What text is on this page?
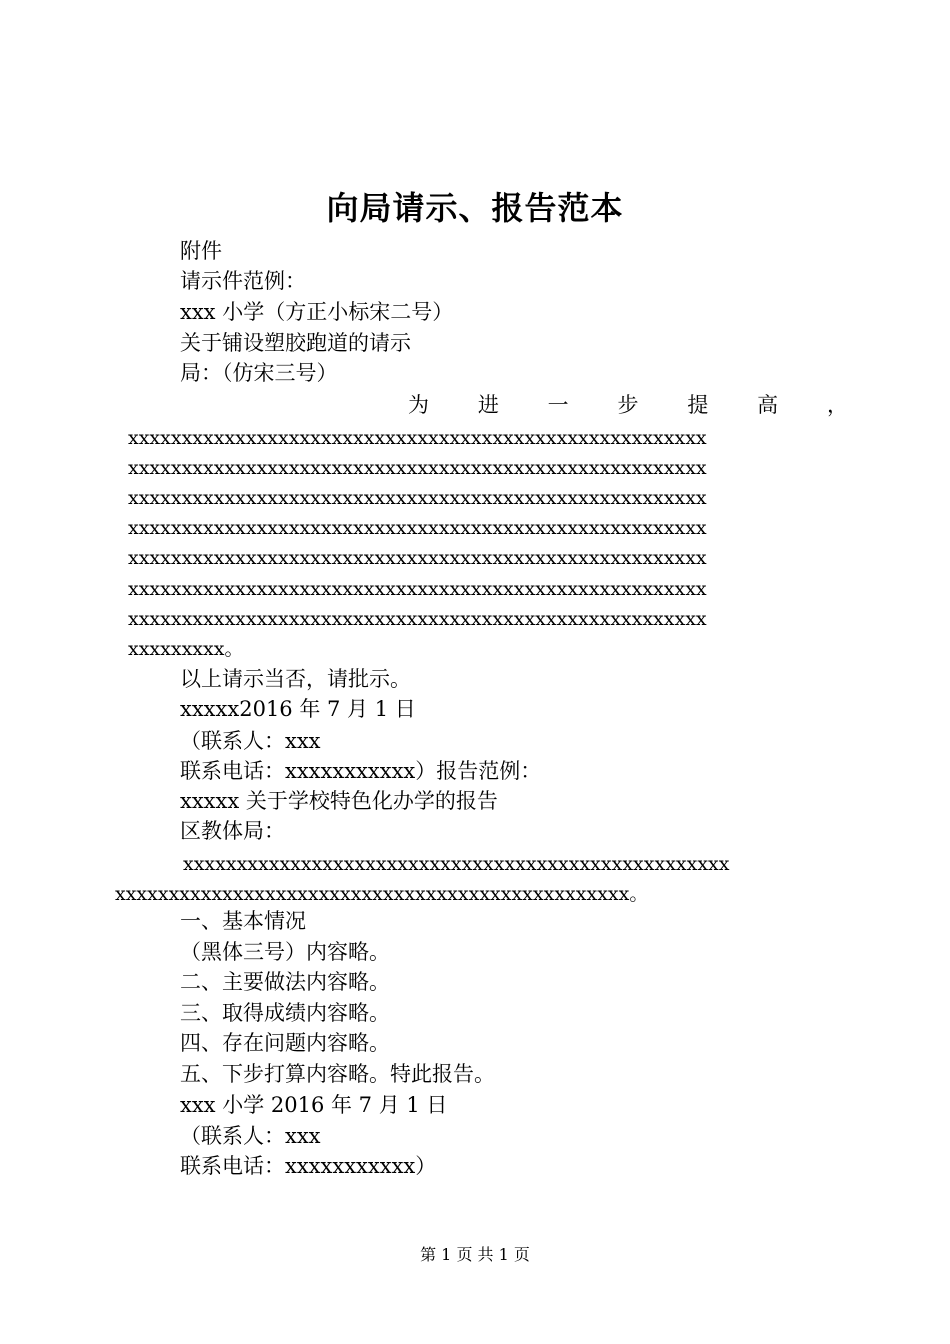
向局请示、报告范本
附件
请示件范例：
xxx 小学（方正小标宋二号）
关于铺设塑胶跑道的请示
局：（仿宋三号）
为 进 一 步 提 高 ，
xxxxxxxxxxxxxxxxxxxxxxxxxxxxxxxxxxxxxxxxxxxxxxxxxxxxxx
xxxxxxxxxxxxxxxxxxxxxxxxxxxxxxxxxxxxxxxxxxxxxxxxxxxxxx
xxxxxxxxxxxxxxxxxxxxxxxxxxxxxxxxxxxxxxxxxxxxxxxxxxxxxx
xxxxxxxxxxxxxxxxxxxxxxxxxxxxxxxxxxxxxxxxxxxxxxxxxxxxxx
xxxxxxxxxxxxxxxxxxxxxxxxxxxxxxxxxxxxxxxxxxxxxxxxxxxxxx
xxxxxxxxxxxxxxxxxxxxxxxxxxxxxxxxxxxxxxxxxxxxxxxxxxxxxx
xxxxxxxxxxxxxxxxxxxxxxxxxxxxxxxxxxxxxxxxxxxxxxxxxxxxxx
xxxxxxxxx。
以上请示当否，请批示。
xxxxx2016 年 7 月 1 日
（联系人：xxx
联系电话：xxxxxxxxxxx）报告范例：
xxxxx 关于学校特色化办学的报告
区教体局：
xxxxxxxxxxxxxxxxxxxxxxxxxxxxxxxxxxxxxxxxxxxxxxxxxxx
xxxxxxxxxxxxxxxxxxxxxxxxxxxxxxxxxxxxxxxxxxxxxxxx。
一、基本情况
（黑体三号）内容略。
二、主要做法内容略。
三、取得成绩内容略。
四、存在问题内容略。
五、下步打算内容略。特此报告。
xxx 小学 2016 年 7 月 1 日
（联系人：xxx
联系电话：xxxxxxxxxxx）
第 1 页 共 1 页
